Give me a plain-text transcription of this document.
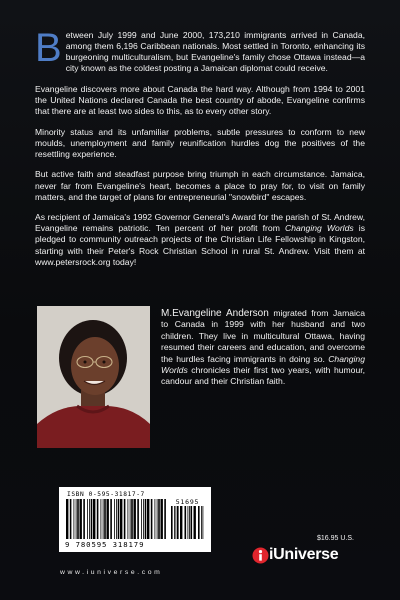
Between July 1999 and June 2000, 173,210 immigrants arrived in Canada, among them 6,196 Caribbean nationals. Most settled in Toronto, enhancing its burgeoning multiculturalism, but Evangeline's family chose Ottawa instead—a city known as the coldest posting a Jamaican diplomat could receive.

Evangeline discovers more about Canada the hard way. Although from 1994 to 2001 the United Nations declared Canada the best country of abode, Evangeline confirms that there are at least two sides to this, as to every other story.

Minority status and its unfamiliar problems, subtle pressures to conform to new moulds, unemployment and family reunification hurdles dog the positives of the resettling experience.

But active faith and steadfast purpose bring triumph in each circumstance. Jamaica, never far from Evangeline's heart, becomes a place to pray for, to visit on family matters, and the target of plans for entrepreneurial "snowbird" escapes.

As recipient of Jamaica's 1992 Governor General's Award for the parish of St. Andrew, Evangeline remains patriotic. Ten percent of her profit from Changing Worlds is pledged to community outreach projects of the Christian Life Fellowship in Kingston, starting with their Peter's Rock Christian School in rural St. Andrew. Visit them at www.petersrock.org today!

M.Evangeline Anderson migrated from Jamaica to Canada in 1999 with her husband and two children. They live in multicultural Ottawa, having resumed their careers and education, and overcome the hurdles facing immigrants in doing so. Changing Worlds chronicles their first two years, with humour, candour and their Christian faith.

ISBN 0-595-31817-7
51695
9 780595 318179

$16.95 U.S.

iUniverse
www.iuniverse.com
